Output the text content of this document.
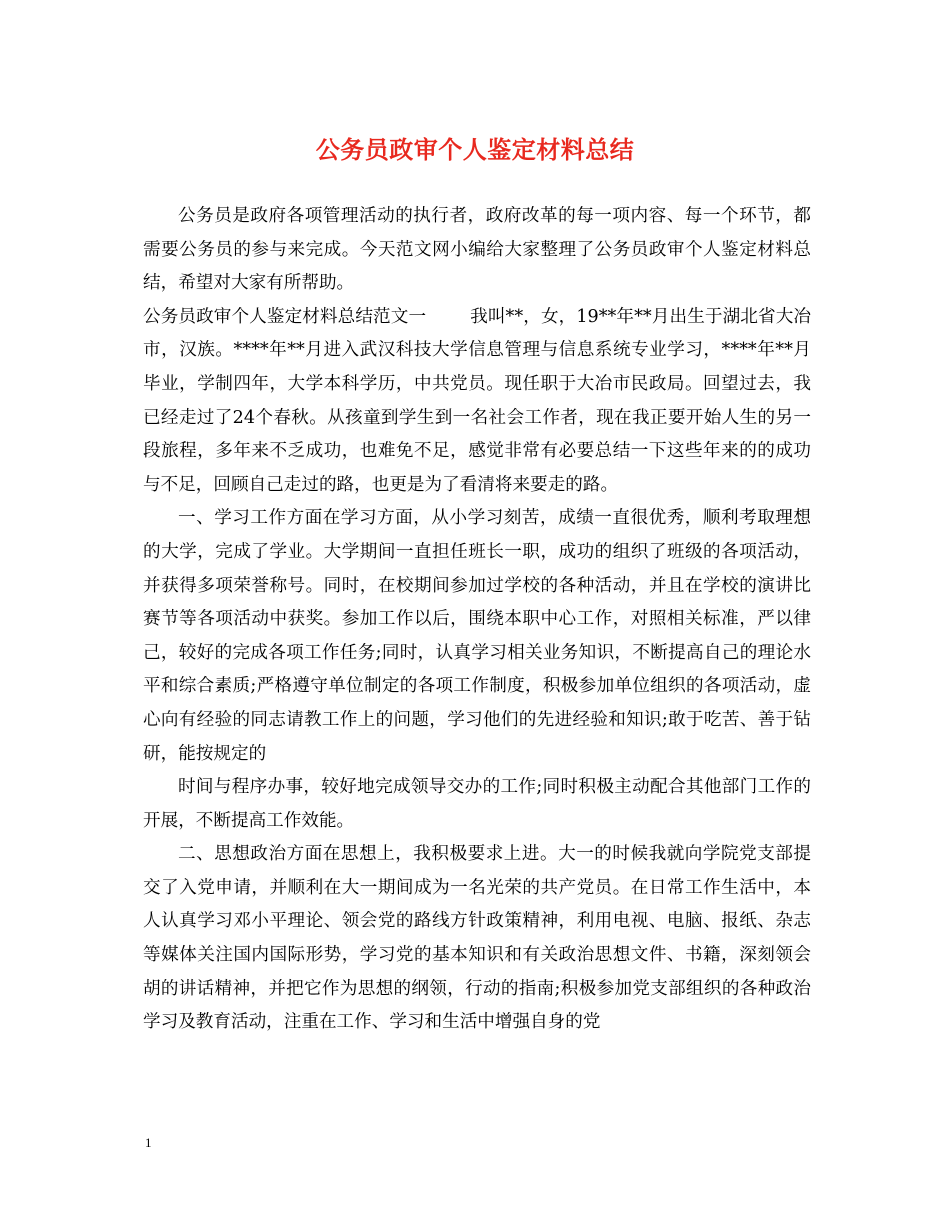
公务员政审个人鉴定材料总结

公务员是政府各项管理活动的执行者，政府改革的每一项内容、每一个环节，都需要公务员的参与来完成。今天范文网小编给大家整理了公务员政审个人鉴定材料总结，希望对大家有所帮助。

公务员政审个人鉴定材料总结范文一	我叫**，女，19**年**月出生于湖北省大冶市，汉族。****年**月进入武汉科技大学信息管理与信息系统专业学习，****年**月毕业，学制四年，大学本科学历，中共党员。现任职于大冶市民政局。回望过去，我已经走过了24个春秋。从孩童到学生到一名社会工作者，现在我正要开始人生的另一段旅程，多年来不乏成功，也难免不足，感觉非常有必要总结一下这些年来的的成功与不足，回顾自己走过的路，也更是为了看清将来要走的路。

一、学习工作方面在学习方面，从小学习刻苦，成绩一直很优秀，顺利考取理想的大学，完成了学业。大学期间一直担任班长一职，成功的组织了班级的各项活动，并获得多项荣誉称号。同时，在校期间参加过学校的各种活动，并且在学校的演讲比赛节等各项活动中获奖。参加工作以后，围绕本职中心工作，对照相关标准，严以律己，较好的完成各项工作任务;同时，认真学习相关业务知识，不断提高自己的理论水平和综合素质;严格遵守单位制定的各项工作制度，积极参加单位组织的各项活动，虚心向有经验的同志请教工作上的问题，学习他们的先进经验和知识;敢于吃苦、善于钻研，能按规定的

时间与程序办事，较好地完成领导交办的工作;同时积极主动配合其他部门工作的开展，不断提高工作效能。

二、思想政治方面在思想上，我积极要求上进。大一的时候我就向学院党支部提交了入党申请，并顺利在大一期间成为一名光荣的共产党员。在日常工作生活中，本人认真学习邓小平理论、领会党的路线方针政策精神，利用电视、电脑、报纸、杂志等媒体关注国内国际形势，学习党的基本知识和有关政治思想文件、书籍，深刻领会胡的讲话精神，并把它作为思想的纲领，行动的指南;积极参加党支部组织的各种政治学习及教育活动，注重在工作、学习和生活中增强自身的党

1
